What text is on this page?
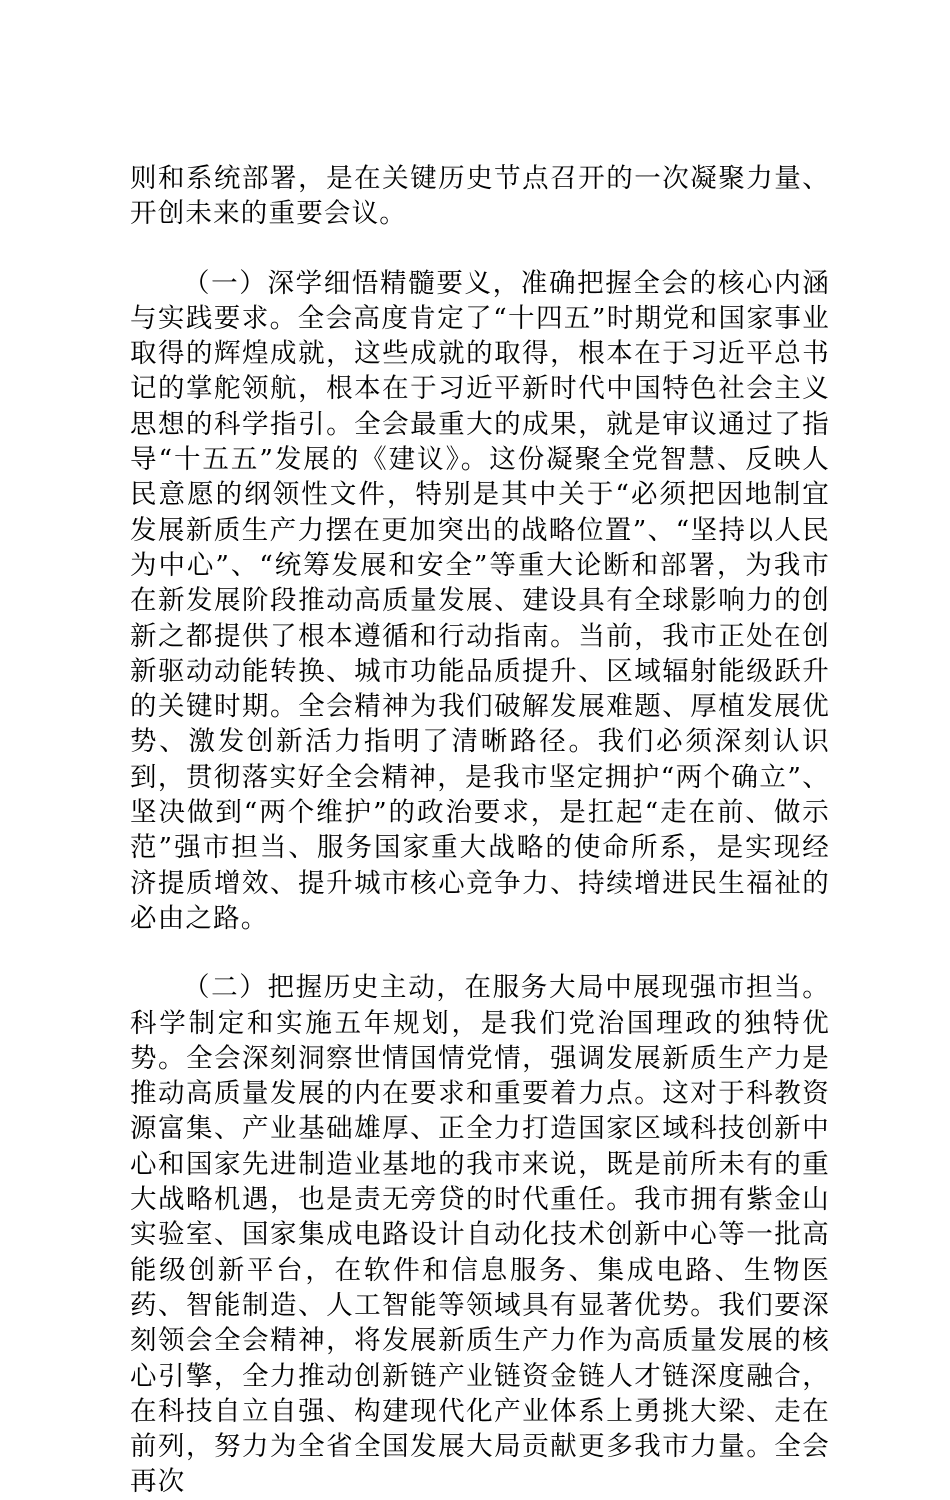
则和系统部署，是在关键历史节点召开的一次凝聚力量、开创未来的重要会议。

（一）深学细悟精髓要义，准确把握全会的核心内涵与实践要求。全会高度肯定了“十四五”时期党和国家事业取得的辉煌成就，这些成就的取得，根本在于习近平总书记的掌舵领航，根本在于习近平新时代中国特色社会主义思想的科学指引。全会最重大的成果，就是审议通过了指导“十五五”发展的《建议》。这份凝聚全党智慧、反映人民意愿的纲领性文件，特别是其中关于“必须把因地制宜发展新质生产力摆在更加突出的战略位置”、“坚持以人民为中心”、“统筹发展和安全”等重大论断和部署，为我市在新发展阶段推动高质量发展、建设具有全球影响力的创新之都提供了根本遵循和行动指南。当前，我市正处在创新驱动动能转换、城市功能品质提升、区域辐射能级跃升的关键时期。全会精神为我们破解发展难题、厚植发展优势、激发创新活力指明了清晰路径。我们必须深刻认识到，贯彻落实好全会精神，是我市坚定拥护“两个确立”、坚决做到“两个维护”的政治要求，是扛起“走在前、做示范”强市担当、服务国家重大战略的使命所系，是实现经济提质增效、提升城市核心竞争力、持续增进民生福祉的必由之路。

（二）把握历史主动，在服务大局中展现强市担当。科学制定和实施五年规划，是我们党治国理政的独特优势。全会深刻洞察世情国情党情，强调发展新质生产力是推动高质量发展的内在要求和重要着力点。这对于科教资源富集、产业基础雄厚、正全力打造国家区域科技创新中心和国家先进制造业基地的我市来说，既是前所未有的重大战略机遇，也是责无旁贷的时代重任。我市拥有紫金山实验室、国家集成电路设计自动化技术创新中心等一批高能级创新平台，在软件和信息服务、集成电路、生物医药、智能制造、人工智能等领域具有显著优势。我们要深刻领会全会精神，将发展新质生产力作为高质量发展的核心引擎，全力推动创新链产业链资金链人才链深度融合，在科技自立自强、构建现代化产业体系上勇挑大梁、走在前列，努力为全省全国发展大局贡献更多我市力量。全会再次
